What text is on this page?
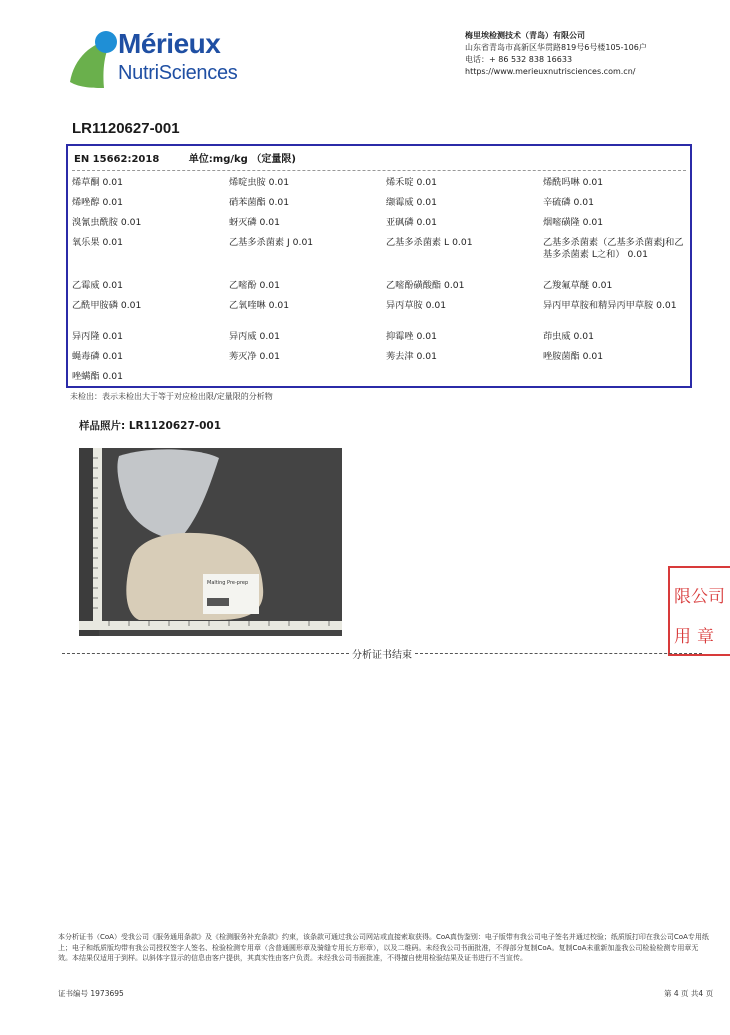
Mérieux
NutriSciences
梅里埃检测技术（青岛）有限公司
山东省青岛市高新区华贯路819号6号楼105-106户
电话：+ 86 532 838 16633
https://www.merieuxnutrisciences.com.cn/
LR1120627-001
EN 15662:2018	单位:mg/kg （定量限)
烯草酮 0.01	烯啶虫胺 0.01	烯禾啶 0.01	烯酰吗啉 0.01
烯唑醇 0.01	硝苯菌酯 0.01	缬霉威 0.01	辛硫磷 0.01
溴氰虫酰胺 0.01	蚜灭磷 0.01	亚砜磷 0.01	烟嘧磺隆 0.01
氧乐果 0.01	乙基多杀菌素 J 0.01	乙基多杀菌素 L 0.01	乙基多杀菌素（乙基多杀菌素J和乙基多杀菌素 L之和） 0.01
乙霉威 0.01	乙嘧酚 0.01	乙嘧酚磺酸酯 0.01	乙羧氟草醚 0.01
乙酰甲胺磷 0.01	乙氧喹啉 0.01	异丙草胺 0.01	异丙甲草胺和精异丙甲草胺 0.01
异丙隆 0.01	异丙威 0.01	抑霉唑 0.01	茚虫威 0.01
蝇毒磷 0.01	莠灭净 0.01	莠去津 0.01	唑胺菌酯 0.01
唑螨酯 0.01
未检出：表示未检出大于等于对应检出限/定量限的分析物
样品照片: LR1120627-001
Malting Pre-prep
限公司
用章
分析证书结束
本分析证书（CoA）受我公司《服务通用条款》及《检测服务补充条款》约束，该条款可通过我公司网站或直接索取获得。CoA真伪鉴别：电子版带有我公司电子签名并通过校验；纸质版打印在我公司CoA专用纸上；电子和纸质版均带有我公司授权签字人签名、检验检测专用章（含普通圆形章及骑缝专用长方形章），以及二维码。未经我公司书面批准，不得部分复制CoA。复制CoA未重新加盖我公司检验检测专用章无效。本结果仅适用于到样。以斜体字显示的信息由客户提供，其真实性由客户负责。未经我公司书面批准，不得擅自使用检验结果及证书进行不当宣传。
证书编号 1973695	第 4 页 共4 页
